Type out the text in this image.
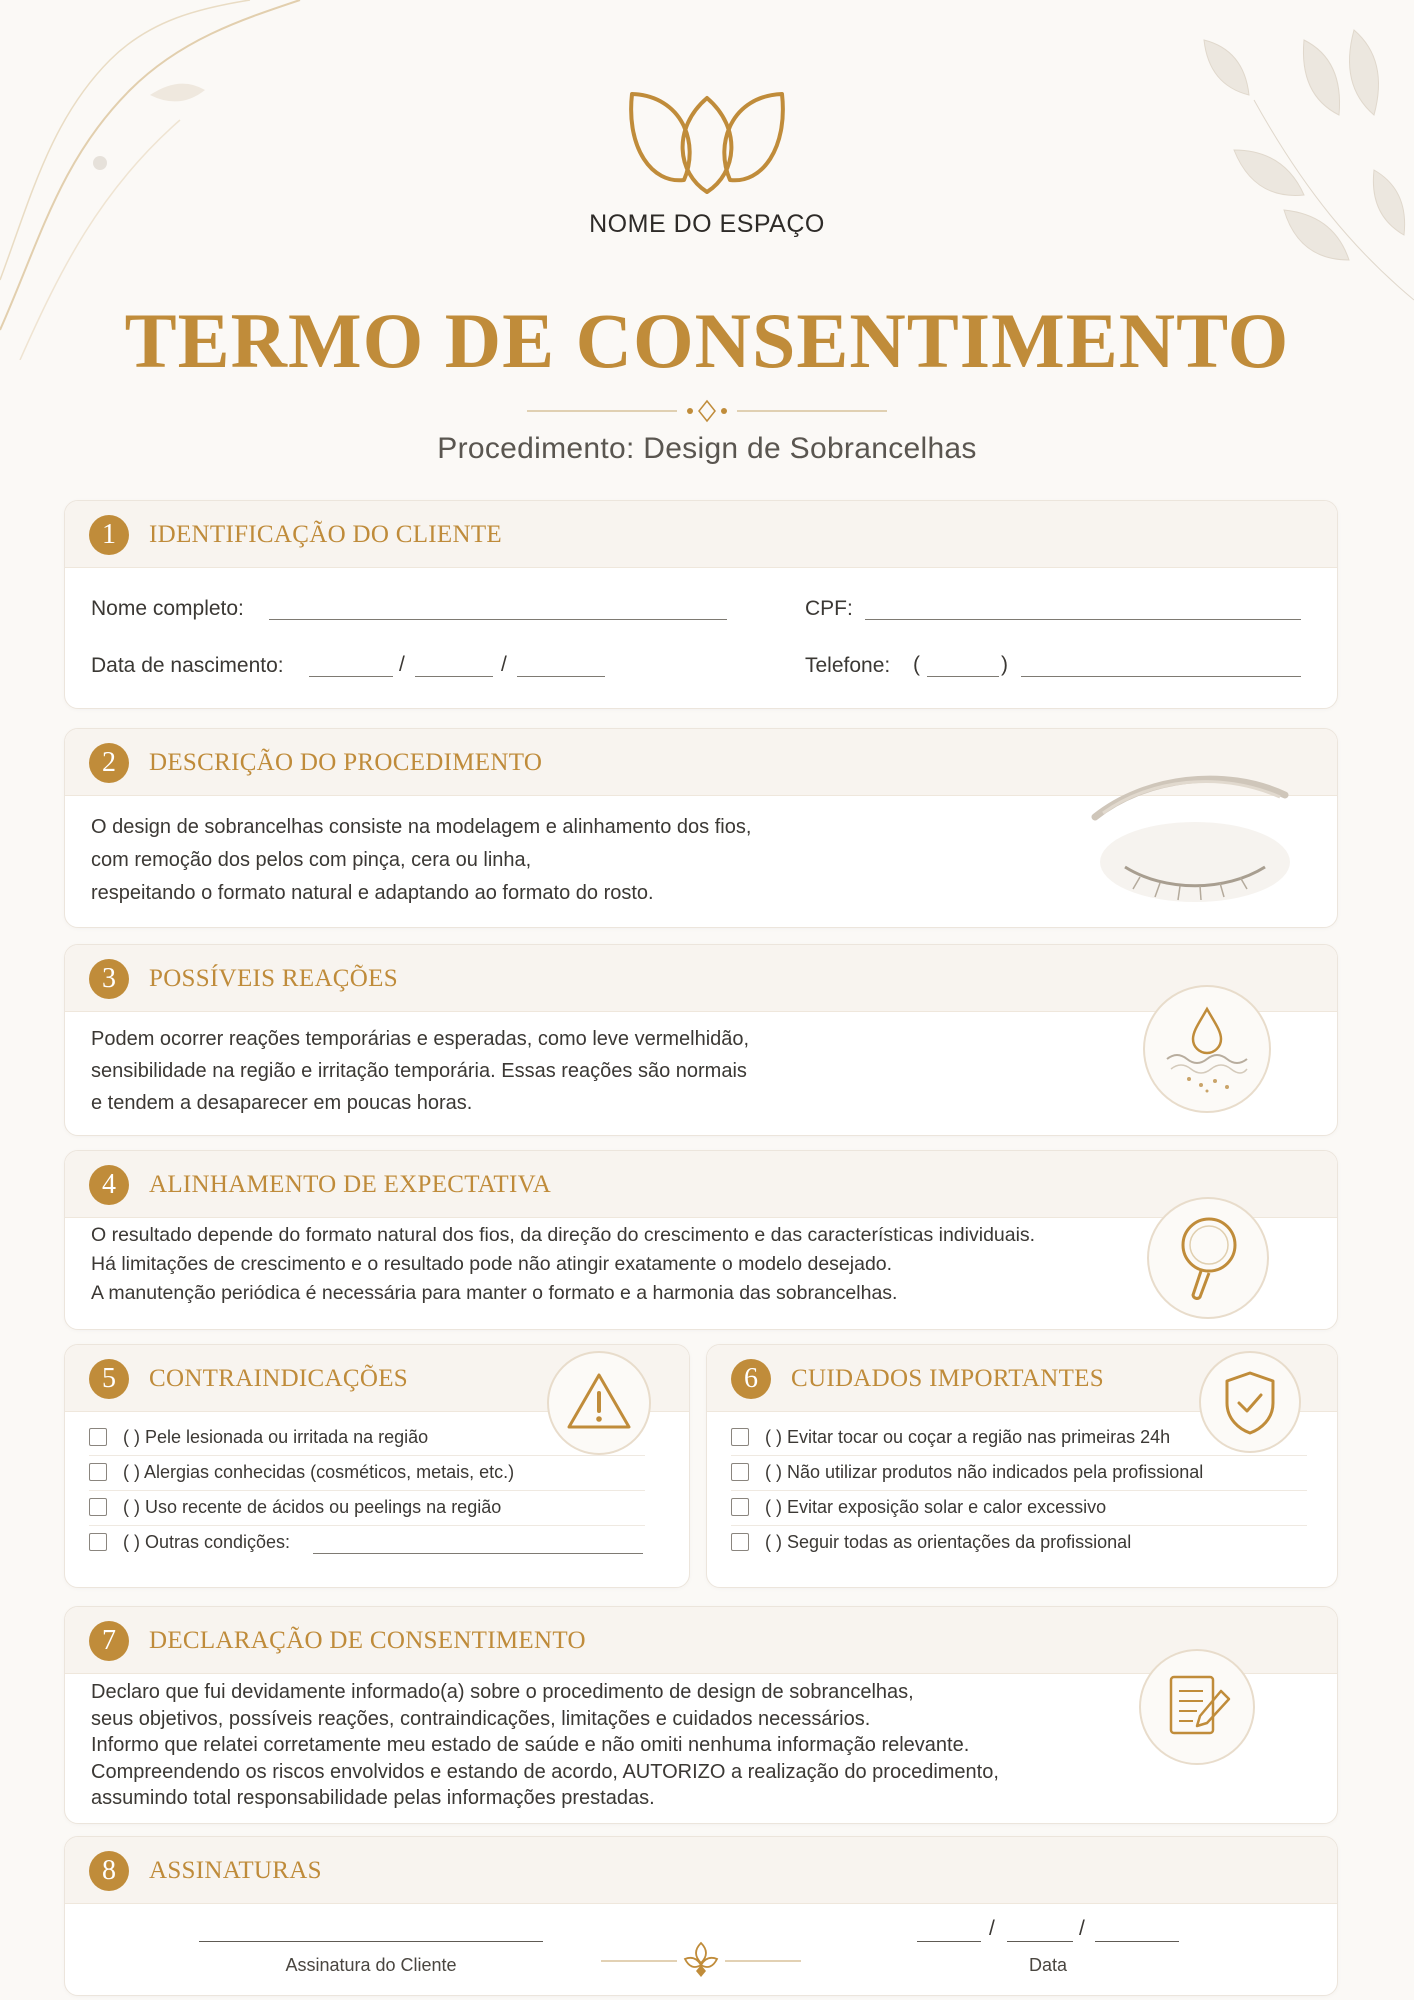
NOME DO ESPAÇO
TERMO DE CONSENTIMENTO
Procedimento: Design de Sobrancelhas
1	IDENTIFICAÇÃO DO CLIENTE
Nome completo:	CPF:
Data de nascimento:	/	/	Telefone: (	)
2	DESCRIÇÃO DO PROCEDIMENTO

O design de sobrancelhas consiste na modelagem e alinhamento dos fios,

com remoção dos pelos com pinça, cera ou linha,

respeitando o formato natural e adaptando ao formato do rosto.

3	POSSÍVEIS REAÇÕES

Podem ocorrer reações temporárias e esperadas, como leve vermelhidão,

sensibilidade na região e irritação temporária. Essas reações são normais

e tendem a desaparecer em poucas horas.

4	ALINHAMENTO DE EXPECTATIVA

O resultado depende do formato natural dos fios, da direção do crescimento e das características individuais.

Há limitações de crescimento e o resultado pode não atingir exatamente o modelo desejado.

A manutenção periódica é necessária para manter o formato e a harmonia das sobrancelhas.

5	CONTRAINDICAÇÕES
( ) Pele lesionada ou irritada na região
( ) Alergias conhecidas (cosméticos, metais, etc.)
( ) Uso recente de ácidos ou peelings na região
( ) Outras condições:
6	CUIDADOS IMPORTANTES
( ) Evitar tocar ou coçar a região nas primeiras 24h
( ) Não utilizar produtos não indicados pela profissional
( ) Evitar exposição solar e calor excessivo
( ) Seguir todas as orientações da profissional
7	DECLARAÇÃO DE CONSENTIMENTO

Declaro que fui devidamente informado(a) sobre o procedimento de design de sobrancelhas,

seus objetivos, possíveis reações, contraindicações, limitações e cuidados necessários.

Informo que relatei corretamente meu estado de saúde e não omiti nenhuma informação relevante.

Compreendendo os riscos envolvidos e estando de acordo, AUTORIZO a realização do procedimento,

assumindo total responsabilidade pelas informações prestadas.

8	ASSINATURAS
Assinatura do Cliente
/	/
Data
